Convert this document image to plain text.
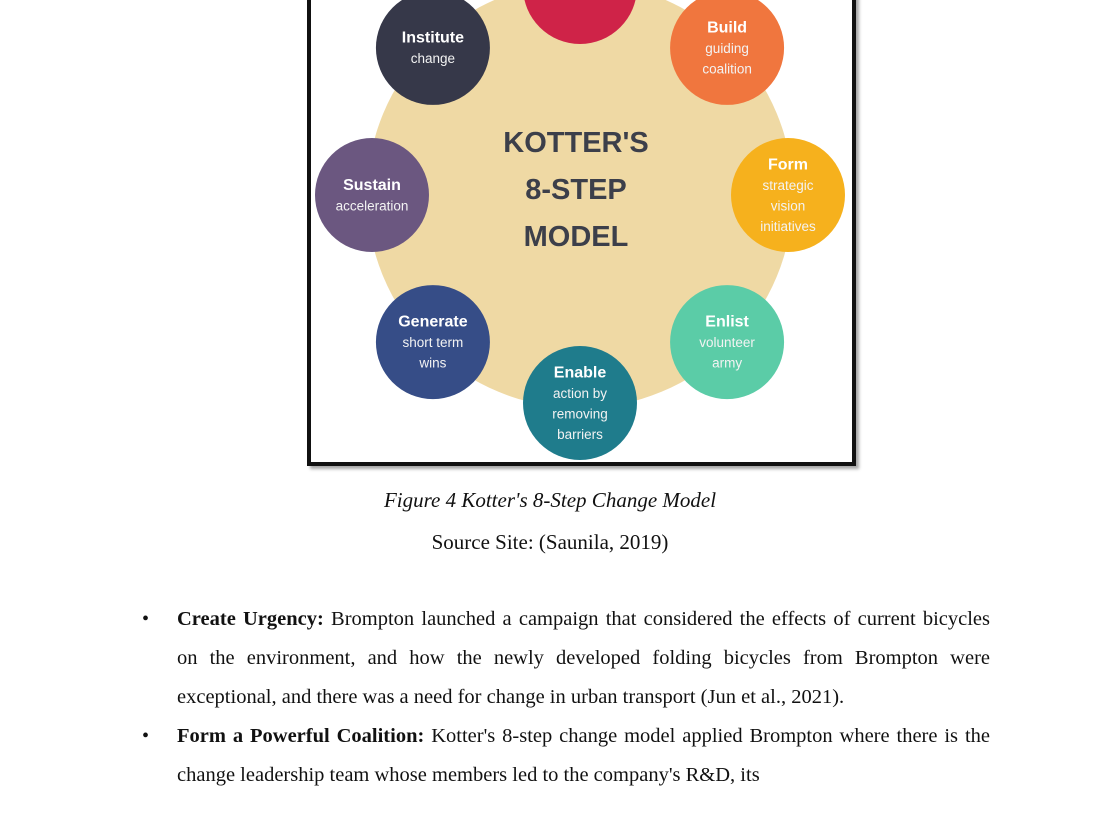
KOTTER'S
8-STEP
MODEL
Build
guiding
coalition
Form
strategic
vision
initiatives
Enlist
volunteer
army
Enable
action by
removing
barriers
Generate
short term
wins
Sustain
acceleration
Institute
change
Figure 4 Kotter's 8-Step Change Model
Source Site: (Saunila, 2019)
• Create Urgency: Brompton launched a campaign that considered the effects of current bicycles on the environment, and how the newly developed folding bicycles from Brompton were exceptional, and there was a need for change in urban transport (Jun et al., 2021).
• Form a Powerful Coalition: Kotter's 8-step change model applied Brompton where there is the change leadership team whose members led to the company's R&D, its
